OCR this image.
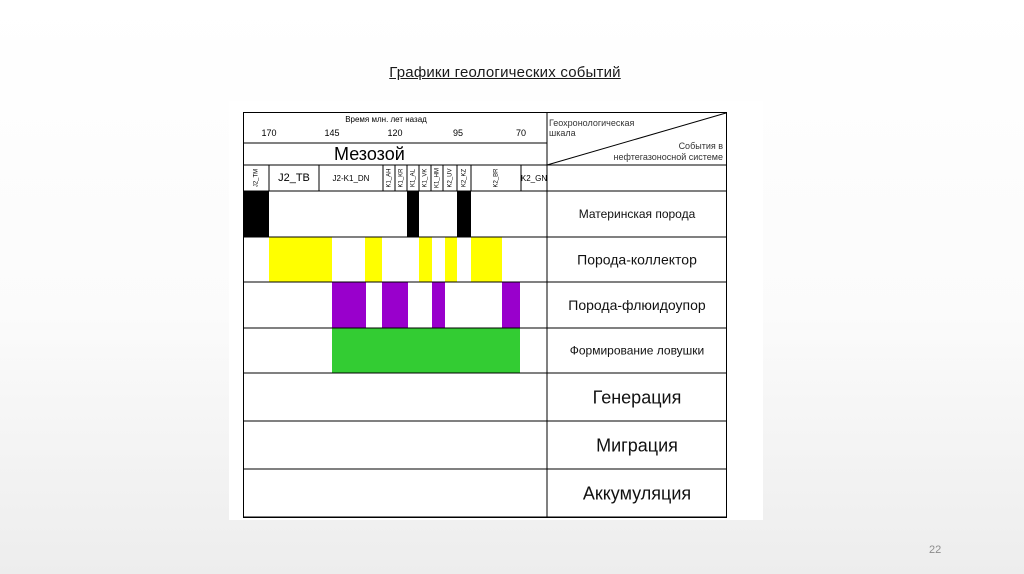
Графики геологических событий
Время млн. лет назад
170	145	120	95	70
Мезозой
Геохронологическая
шкала
События в
нефтегазоносной системе
J2_TM J2_TB	J2-K1_DN	K1_AH K1_KR K1_AL K1_VK K1_HM K2_UV K2_KZ	K2_BR	K2_GN
Материнская порода
Порода-коллектор
Порода-флюидоупор
Формирование ловушки
Генерация
Миграция
Аккумуляция
22
